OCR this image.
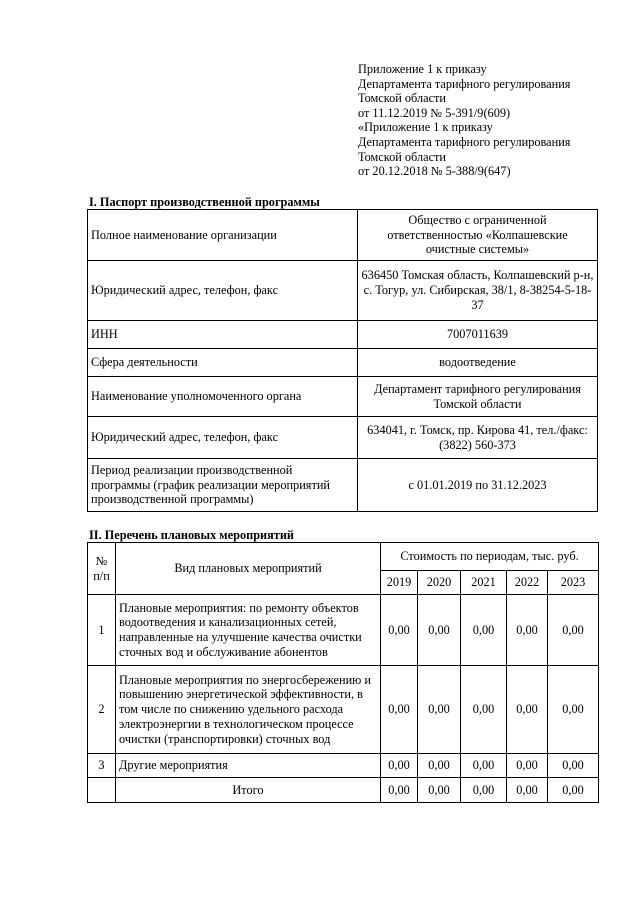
Приложение 1 к приказу
Департамента тарифного регулирования
Томской области
от 11.12.2019 № 5-391/9(609)
«Приложение 1 к приказу
Департамента тарифного регулирования
Томской области
от 20.12.2018 № 5-388/9(647)
I. Паспорт производственной программы
Полное наименование организации	Общество с ограниченной ответственностью «Колпашевские очистные системы»
Юридический адрес, телефон, факс	636450 Томская область, Колпашевский р-н, с. Тогур, ул. Сибирская, 38/1, 8-38254-5-18-37
ИНН	7007011639
Сфера деятельности	водоотведение
Наименование уполномоченного органа	Департамент тарифного регулирования Томской области
Юридический адрес, телефон, факс	634041, г. Томск, пр. Кирова 41, тел./факс: (3822) 560-373
Период реализации производственной программы (график реализации мероприятий производственной программы)	с 01.01.2019 по 31.12.2023
II. Перечень плановых мероприятий
№ п/п	Вид плановых мероприятий	Стоимость по периодам, тыс. руб.				
		2019	2020	2021	2022	2023
1	Плановые мероприятия: по ремонту объектов водоотведения и канализационных сетей, направленные на улучшение качества очистки сточных вод и обслуживание абонентов	0,00	0,00	0,00	0,00	0,00
2	Плановые мероприятия по энергосбережению и повышению энергетической эффективности, в том числе по снижению удельного расхода электроэнергии в технологическом процессе очистки (транспортировки) сточных вод	0,00	0,00	0,00	0,00	0,00
3	Другие мероприятия	0,00	0,00	0,00	0,00	0,00
	Итого	0,00	0,00	0,00	0,00	0,00
